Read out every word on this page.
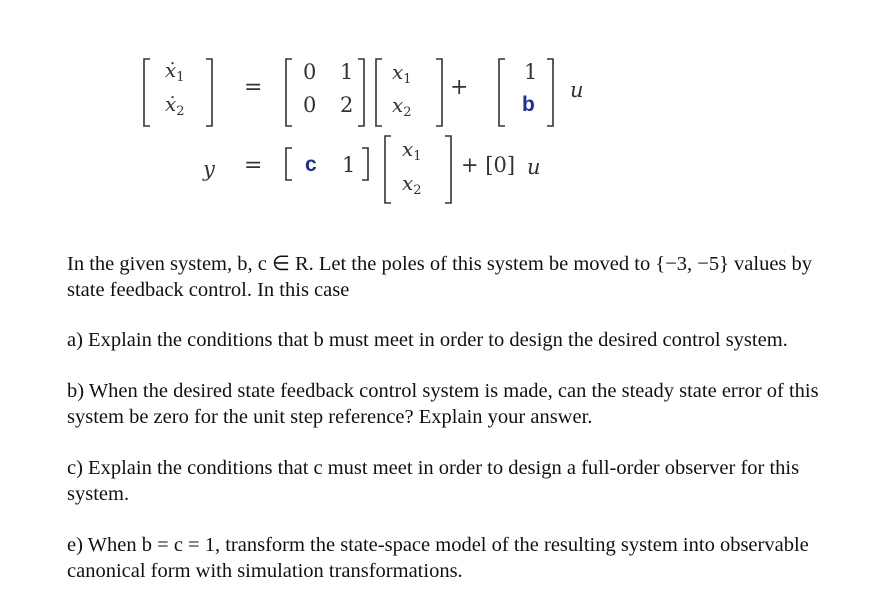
ẋ$_1$
ẋ$_2$
=
0 1
0 2
$x_1$
$x_2$
+
1
b
u
y = c 1
$x_1$
$x_2$
+ [0] u
In the given system, b, c ∈ R. Let the poles of this system be moved to {−3, −5} values by
state feedback control. In this case
a) Explain the conditions that b must meet in order to design the desired control system.
b) When the desired state feedback control system is made, can the steady state error of this
system be zero for the unit step reference? Explain your answer.
c) Explain the conditions that c must meet in order to design a full-order observer for this
system.
e) When b = c = 1, transform the state-space model of the resulting system into observable
canonical form with simulation transformations.
